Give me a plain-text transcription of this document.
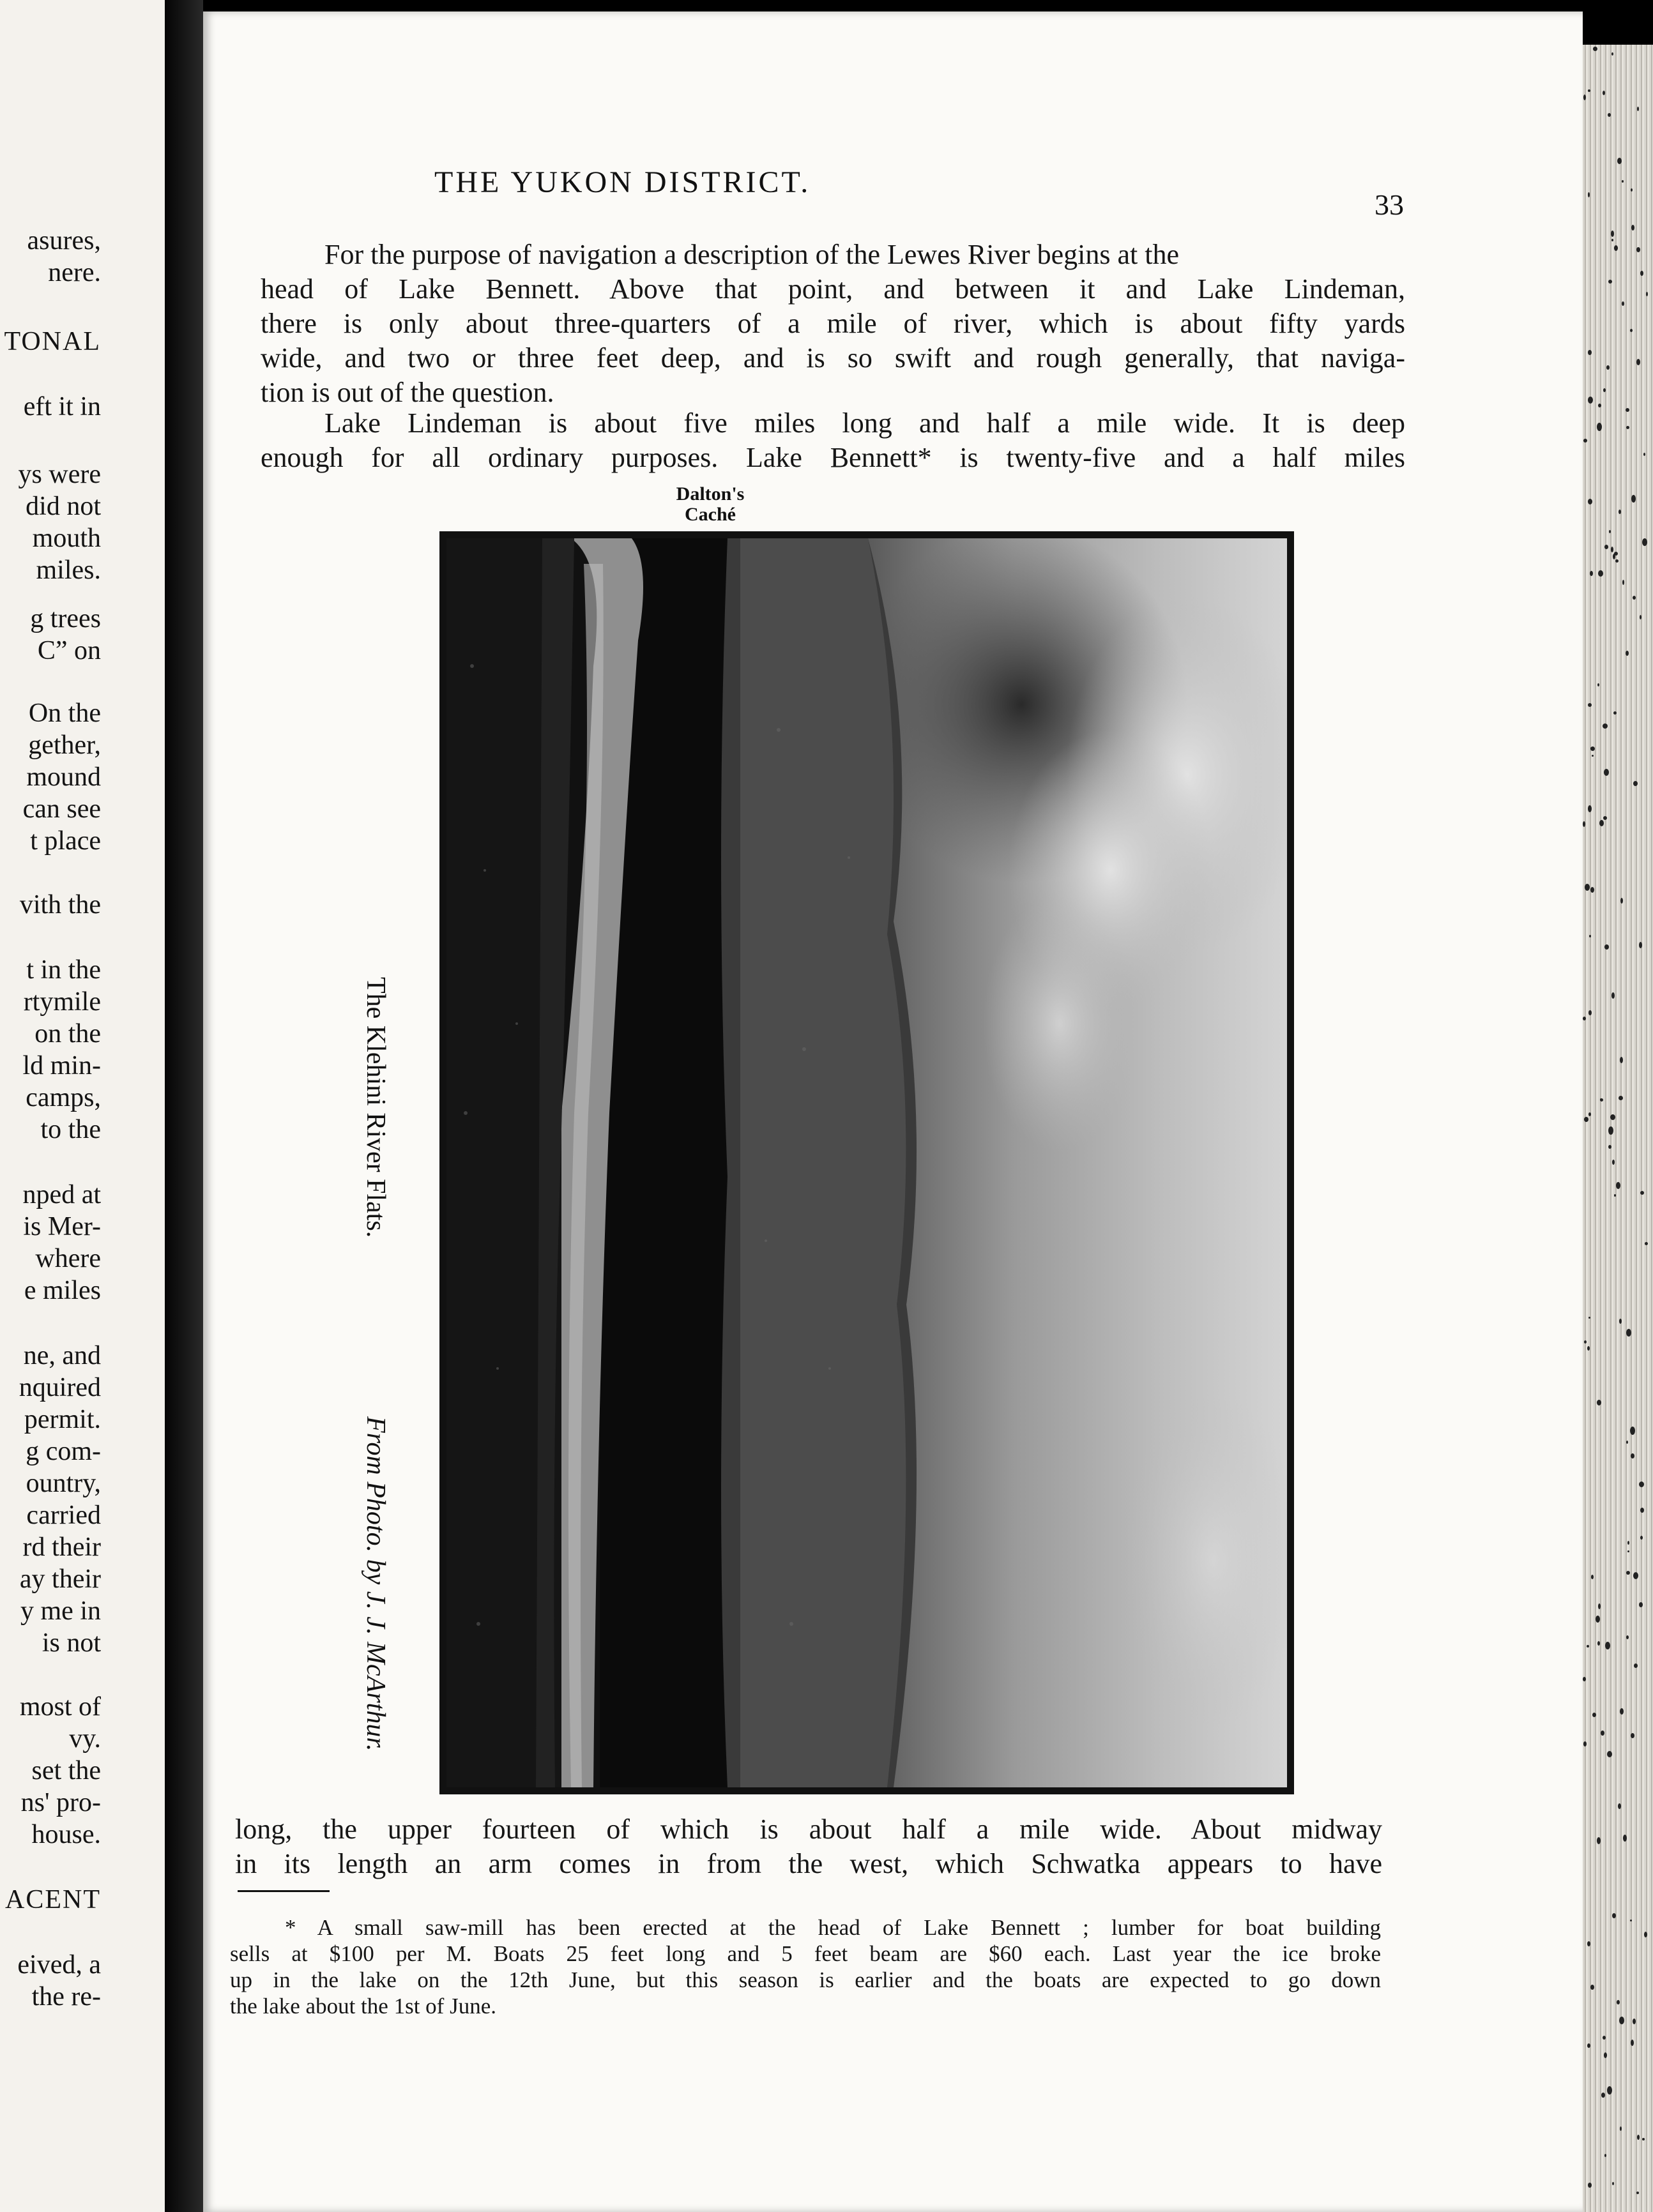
asures,
nere.
TONAL
eft it in
ys were
did not
mouth
miles.
g trees
C” on
On the
gether,
mound
can see
t place
vith the
t in the
rtymile
on the
ld min-
camps,
to the
nped at
is Mer-
where
e miles
ne, and
nquired
permit.
g com-
ountry,
carried
rd their
ay their
y me in
is not
most of
vy.
set the
ns' pro-
house.
ACENT
eived, a
the re-
THE YUKON DISTRICT.
33
For the purpose of navigation a description of the Lewes River begins at the
head of Lake Bennett. Above that point, and between it and Lake Lindeman,
there is only about three-quarters of a mile of river, which is about fifty yards
wide, and two or three feet deep, and is so swift and rough generally, that naviga-
tion is out of the question.
Lake Lindeman is about five miles long and half a mile wide. It is deep
enough for all ordinary purposes. Lake Bennett* is twenty-five and a half miles
Dalton's
Caché
The Klehini River Flats.
From Photo. by J. J. McArthur.
long, the upper fourteen of which is about half a mile wide. About midway
in its length an arm comes in from the west, which Schwatka appears to have
* A small saw-mill has been erected at the head of Lake Bennett ; lumber for boat building
sells at $100 per M. Boats 25 feet long and 5 feet beam are $60 each. Last year the ice broke
up in the lake on the 12th June, but this season is earlier and the boats are expected to go down
the lake about the 1st of June.
